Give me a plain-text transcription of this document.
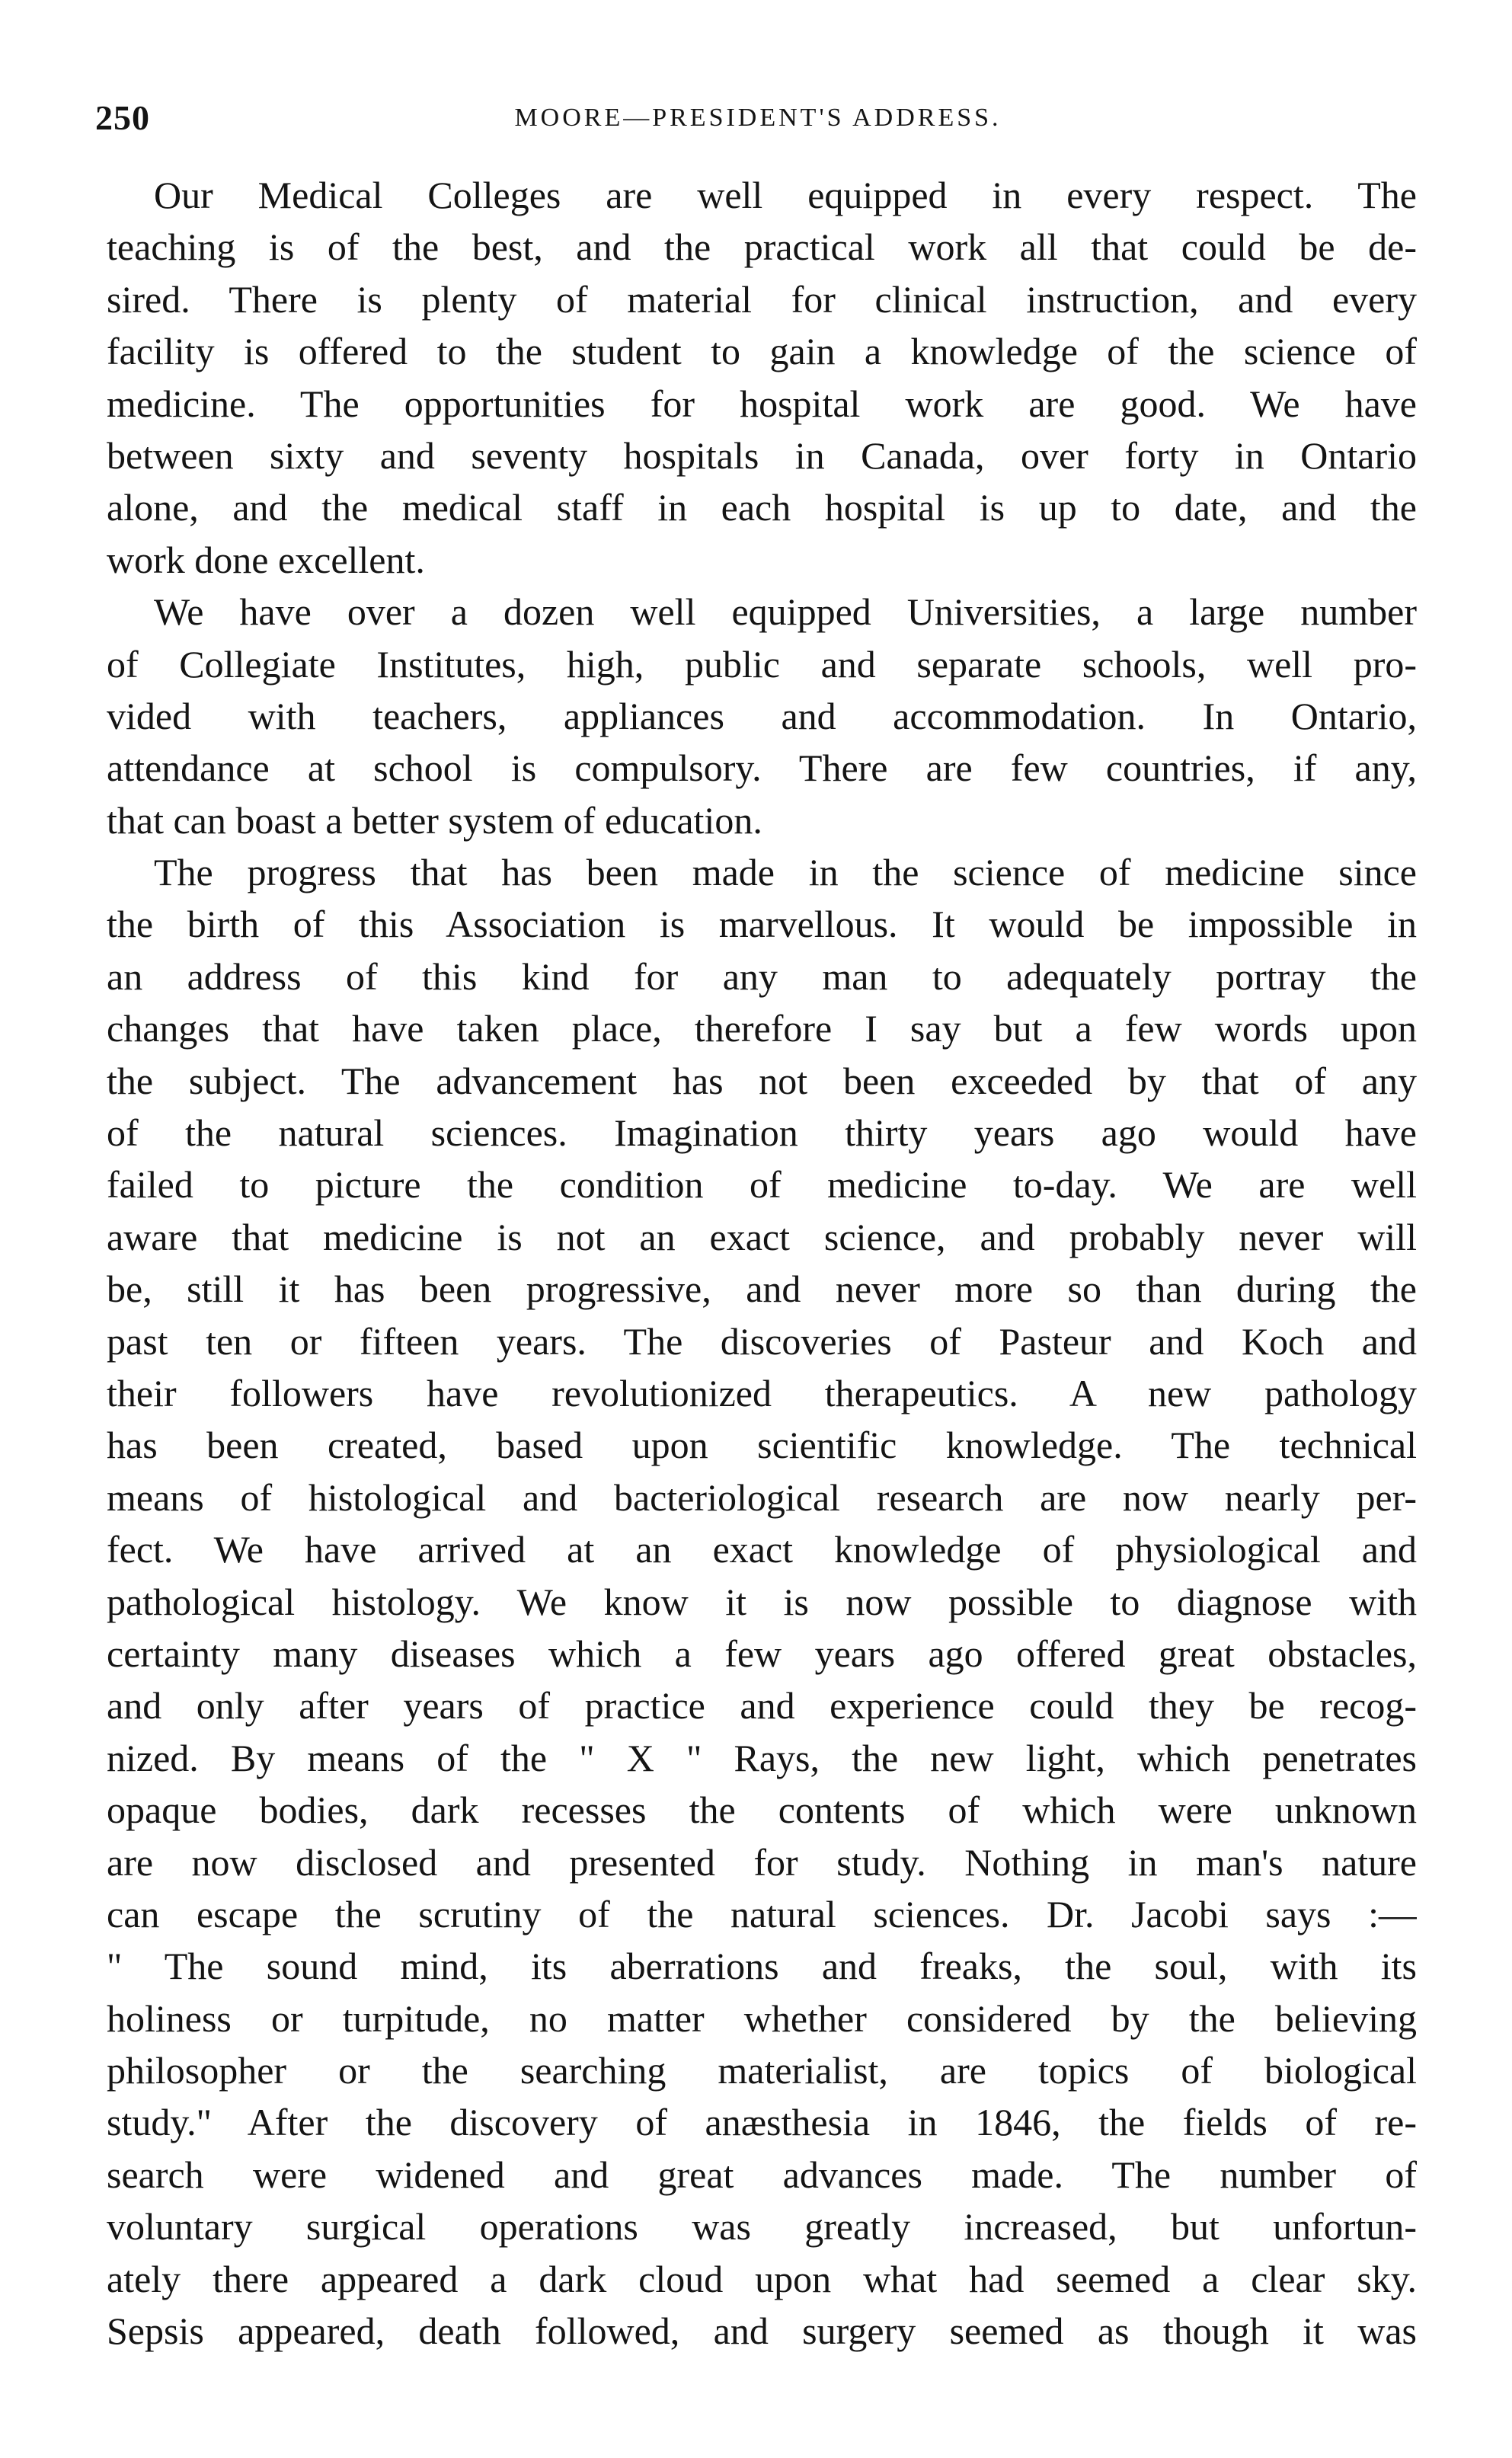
250	MOORE—PRESIDENT'S ADDRESS.
Our Medical Colleges are well equipped in every respect. The
teaching is of the best, and the practical work all that could be de-
sired. There is plenty of material for clinical instruction, and every
facility is offered to the student to gain a knowledge of the science of
medicine. The opportunities for hospital work are good. We have
between sixty and seventy hospitals in Canada, over forty in Ontario
alone, and the medical staff in each hospital is up to date, and the
work done excellent.
We have over a dozen well equipped Universities, a large number
of Collegiate Institutes, high, public and separate schools, well pro-
vided with teachers, appliances and accommodation. In Ontario,
attendance at school is compulsory. There are few countries, if any,
that can boast a better system of education.
The progress that has been made in the science of medicine since
the birth of this Association is marvellous. It would be impossible in
an address of this kind for any man to adequately portray the
changes that have taken place, therefore I say but a few words upon
the subject. The advancement has not been exceeded by that of any
of the natural sciences. Imagination thirty years ago would have
failed to picture the condition of medicine to-day. We are well
aware that medicine is not an exact science, and probably never will
be, still it has been progressive, and never more so than during the
past ten or fifteen years. The discoveries of Pasteur and Koch and
their followers have revolutionized therapeutics. A new pathology
has been created, based upon scientific knowledge. The technical
means of histological and bacteriological research are now nearly per-
fect. We have arrived at an exact knowledge of physiological and
pathological histology. We know it is now possible to diagnose with
certainty many diseases which a few years ago offered great obstacles,
and only after years of practice and experience could they be recog-
nized. By means of the " X " Rays, the new light, which penetrates
opaque bodies, dark recesses the contents of which were unknown
are now disclosed and presented for study. Nothing in man's nature
can escape the scrutiny of the natural sciences. Dr. Jacobi says :—
" The sound mind, its aberrations and freaks, the soul, with its
holiness or turpitude, no matter whether considered by the believing
philosopher or the searching materialist, are topics of biological
study." After the discovery of anæsthesia in 1846, the fields of re-
search were widened and great advances made. The number of
voluntary surgical operations was greatly increased, but unfortun-
ately there appeared a dark cloud upon what had seemed a clear sky.
Sepsis appeared, death followed, and surgery seemed as though it was
